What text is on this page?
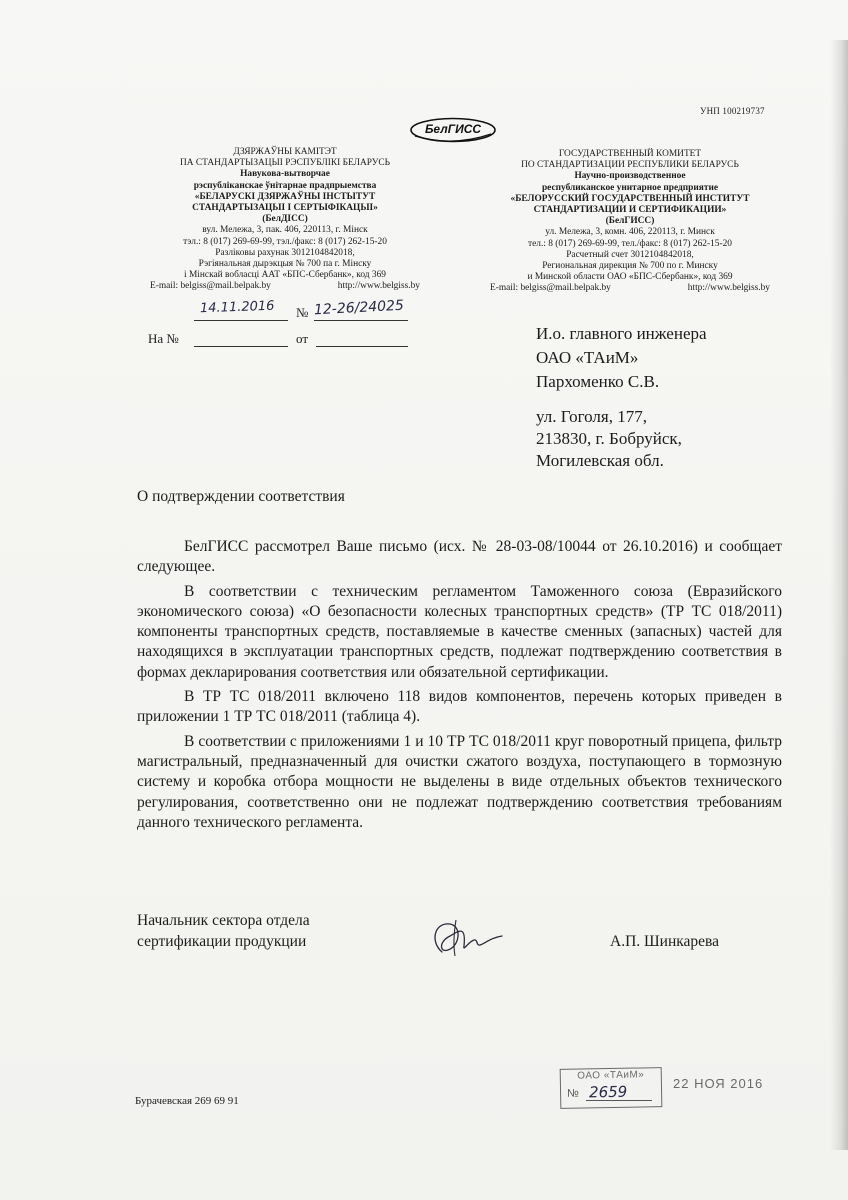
УНП 100219737
БелГИСС
ДЗЯРЖАЎНЫ КАМІТЭТ
ПА СТАНДАРТЫЗАЦЫІ РЭСПУБЛІКІ БЕЛАРУСЬ
Навукова-вытворчае
рэспубліканскае ўнітарнае прадпрыемства
«БЕЛАРУСКІ ДЗЯРЖАЎНЫ ІНСТЫТУТ
СТАНДАРТЫЗАЦЫІ І СЕРТЫФІКАЦЫІ»
(БелДІСС)
вул. Мележа, 3, пак. 406, 220113, г. Мінск
тэл.: 8 (017) 269-69-99, тэл./факс: 8 (017) 262-15-20
Разліковы рахунак 3012104842018,
Рэгіянальная дырэкцыя № 700 па г. Мінску
і Мінскай вобласці ААТ «БПС-Сбербанк», код 369
E-mail: belgiss@mail.belpak.by	http://www.belgiss.by
ГОСУДАРСТВЕННЫЙ КОМИТЕТ
ПО СТАНДАРТИЗАЦИИ РЕСПУБЛИКИ БЕЛАРУСЬ
Научно-производственное
республиканское унитарное предприятие
«БЕЛОРУССКИЙ ГОСУДАРСТВЕННЫЙ ИНСТИТУТ
СТАНДАРТИЗАЦИИ И СЕРТИФИКАЦИИ»
(БелГИСС)
ул. Мележа, 3, комн. 406, 220113, г. Минск
тел.: 8 (017) 269-69-99, тел./факс: 8 (017) 262-15-20
Расчетный счет 3012104842018,
Региональная дирекция № 700 по г. Минску
и Минской области ОАО «БПС-Сбербанк», код 369
E-mail: belgiss@mail.belpak.by	http://www.belgiss.by
14.11.2016 № 12-26/24025
На №	от	И.о. главного инженера
ОАО «ТАиМ»
Пархоменко С.В.
ул. Гоголя, 177,
213830, г. Бобруйск,
Могилевская обл.
О подтверждении соответствия

БелГИСС рассмотрел Ваше письмо (исх. № 28-03-08/10044 от 26.10.2016) и сообщает следующее.

В соответствии с техническим регламентом Таможенного союза (Евразийского экономического союза) «О безопасности колесных транспортных средств» (ТР ТС 018/2011) компоненты транспортных средств, поставляемые в качестве сменных (запасных) частей для находящихся в эксплуатации транспортных средств, подлежат подтверждению соответствия в формах декларирования соответствия или обязательной сертификации.

В ТР ТС 018/2011 включено 118 видов компонентов, перечень которых приведен в приложении 1 ТР ТС 018/2011 (таблица 4).

В соответствии с приложениями 1 и 10 ТР ТС 018/2011 круг поворотный прицепа, фильтр магистральный, предназначенный для очистки сжатого воздуха, поступающего в тормозную систему и коробка отбора мощности не выделены в виде отдельных объектов технического регулирования, соответственно они не подлежат подтверждению соответствия требованиям данного технического регламента.

Начальник сектора отдела
сертификации продукции	А.П. Шинкарева
Бурачевская 269 69 91
ОАО «ТАиМ»
№ 2659	22 НОЯ 2016
